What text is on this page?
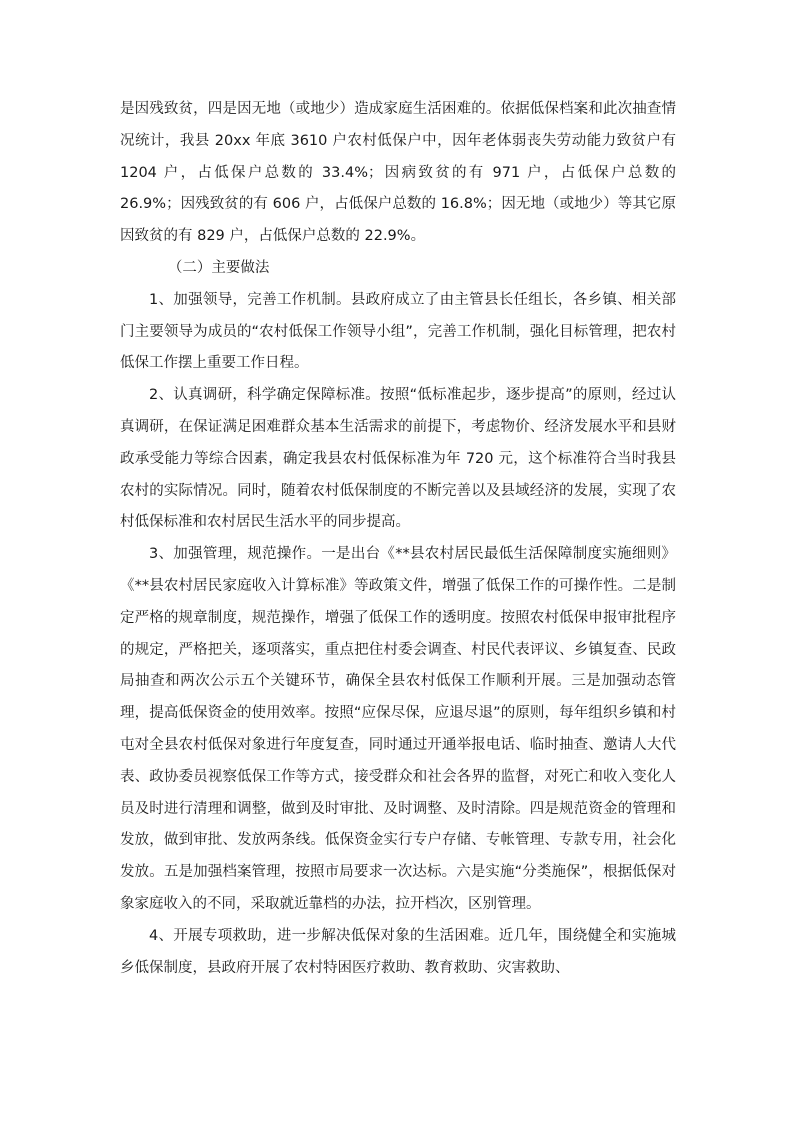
是因残致贫，四是因无地（或地少）造成家庭生活困难的。依据低保档案和此次抽查情况统计，我县 20xx 年底 3610 户农村低保户中，因年老体弱丧失劳动能力致贫户有 1204 户，占低保户总数的 33.4%；因病致贫的有 971 户，占低保户总数的 26.9%；因残致贫的有 606 户，占低保户总数的 16.8%；因无地（或地少）等其它原因致贫的有 829 户，占低保户总数的 22.9%。

（二）主要做法

1、加强领导，完善工作机制。县政府成立了由主管县长任组长，各乡镇、相关部门主要领导为成员的“农村低保工作领导小组”，完善工作机制，强化目标管理，把农村低保工作摆上重要工作日程。

2、认真调研，科学确定保障标准。按照“低标准起步，逐步提高”的原则，经过认真调研，在保证满足困难群众基本生活需求的前提下，考虑物价、经济发展水平和县财政承受能力等综合因素，确定我县农村低保标准为年 720 元，这个标准符合当时我县农村的实际情况。同时，随着农村低保制度的不断完善以及县域经济的发展，实现了农村低保标准和农村居民生活水平的同步提高。

3、加强管理，规范操作。一是出台《**县农村居民最低生活保障制度实施细则》《**县农村居民家庭收入计算标准》等政策文件，增强了低保工作的可操作性。二是制定严格的规章制度，规范操作，增强了低保工作的透明度。按照农村低保申报审批程序的规定，严格把关，逐项落实，重点把住村委会调查、村民代表评议、乡镇复查、民政局抽查和两次公示五个关键环节，确保全县农村低保工作顺利开展。三是加强动态管理，提高低保资金的使用效率。按照“应保尽保，应退尽退”的原则，每年组织乡镇和村屯对全县农村低保对象进行年度复查，同时通过开通举报电话、临时抽查、邀请人大代表、政协委员视察低保工作等方式，接受群众和社会各界的监督，对死亡和收入变化人员及时进行清理和调整，做到及时审批、及时调整、及时清除。四是规范资金的管理和发放，做到审批、发放两条线。低保资金实行专户存储、专帐管理、专款专用，社会化发放。五是加强档案管理，按照市局要求一次达标。六是实施“分类施保”，根据低保对象家庭收入的不同，采取就近靠档的办法，拉开档次，区别管理。

4、开展专项救助，进一步解决低保对象的生活困难。近几年，围绕健全和实施城乡低保制度，县政府开展了农村特困医疗救助、教育救助、灾害救助、
